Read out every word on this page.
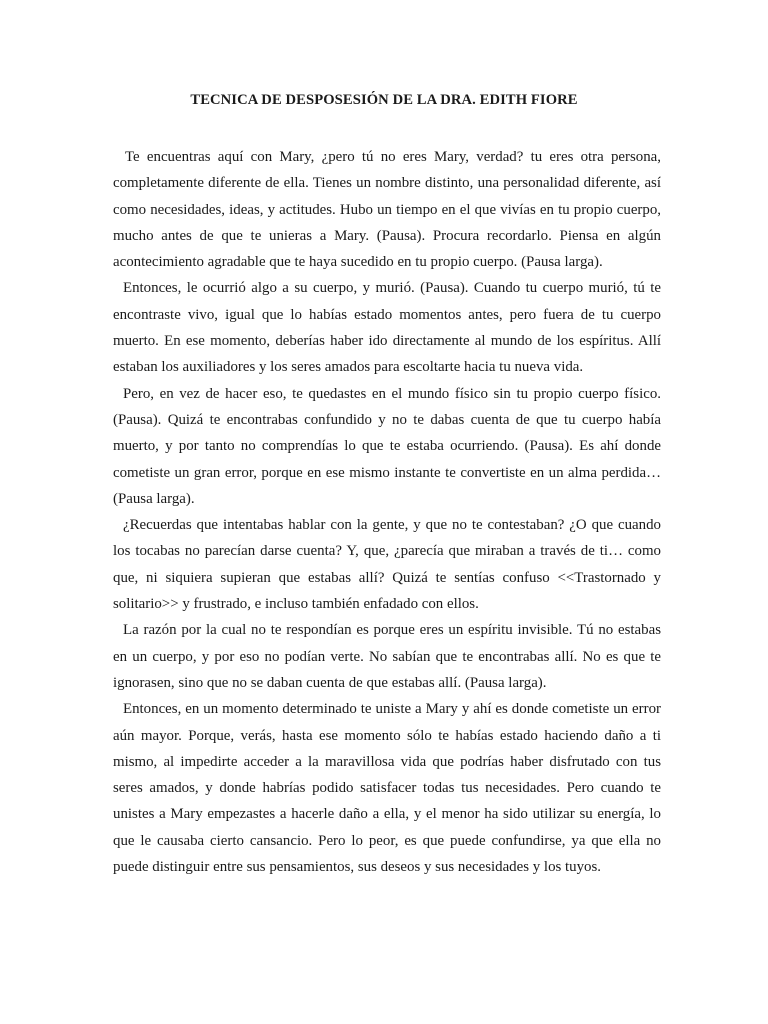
TECNICA DE DESPOSESIÓN DE LA DRA. EDITH FIORE

Te encuentras aquí con Mary, ¿pero tú no eres Mary, verdad? tu eres otra persona, completamente diferente de ella. Tienes un nombre distinto, una personalidad diferente, así como necesidades, ideas, y actitudes. Hubo un tiempo en el que vivías en tu propio cuerpo, mucho antes de que te unieras a Mary. (Pausa). Procura recordarlo. Piensa en algún acontecimiento agradable que te haya sucedido en tu propio cuerpo. (Pausa larga).

Entonces, le ocurrió algo a su cuerpo, y murió. (Pausa). Cuando tu cuerpo murió, tú te encontraste vivo, igual que lo habías estado momentos antes, pero fuera de tu cuerpo muerto. En ese momento, deberías haber ido directamente al mundo de los espíritus. Allí estaban los auxiliadores y los seres amados para escoltarte hacia tu nueva vida.

Pero, en vez de hacer eso, te quedastes en el mundo físico sin tu propio cuerpo físico. (Pausa). Quizá te encontrabas confundido y no te dabas cuenta de que tu cuerpo había muerto, y por tanto no comprendías lo que te estaba ocurriendo. (Pausa). Es ahí donde cometiste un gran error, porque en ese mismo instante te convertiste en un alma perdida… (Pausa larga).

¿Recuerdas que intentabas hablar con la gente, y que no te contestaban? ¿O que cuando los tocabas no parecían darse cuenta? Y, que, ¿parecía que miraban a través de ti… como que, ni siquiera supieran que estabas allí? Quizá te sentías confuso <<Trastornado y solitario>> y frustrado, e incluso también enfadado con ellos.

La razón por la cual no te respondían es porque eres un espíritu invisible. Tú no estabas en un cuerpo, y por eso no podían verte. No sabían que te encontrabas allí. No es que te ignorasen, sino que no se daban cuenta de que estabas allí. (Pausa larga).

Entonces, en un momento determinado te uniste a Mary y ahí es donde cometiste un error aún mayor. Porque, verás, hasta ese momento sólo te habías estado haciendo daño a ti mismo, al impedirte acceder a la maravillosa vida que podrías haber disfrutado con tus seres amados, y donde habrías podido satisfacer todas tus necesidades. Pero cuando te unistes a Mary empezastes a hacerle daño a ella, y el menor ha sido utilizar su energía, lo que le causaba cierto cansancio. Pero lo peor, es que puede confundirse, ya que ella no puede distinguir entre sus pensamientos, sus deseos y sus necesidades y los tuyos.
